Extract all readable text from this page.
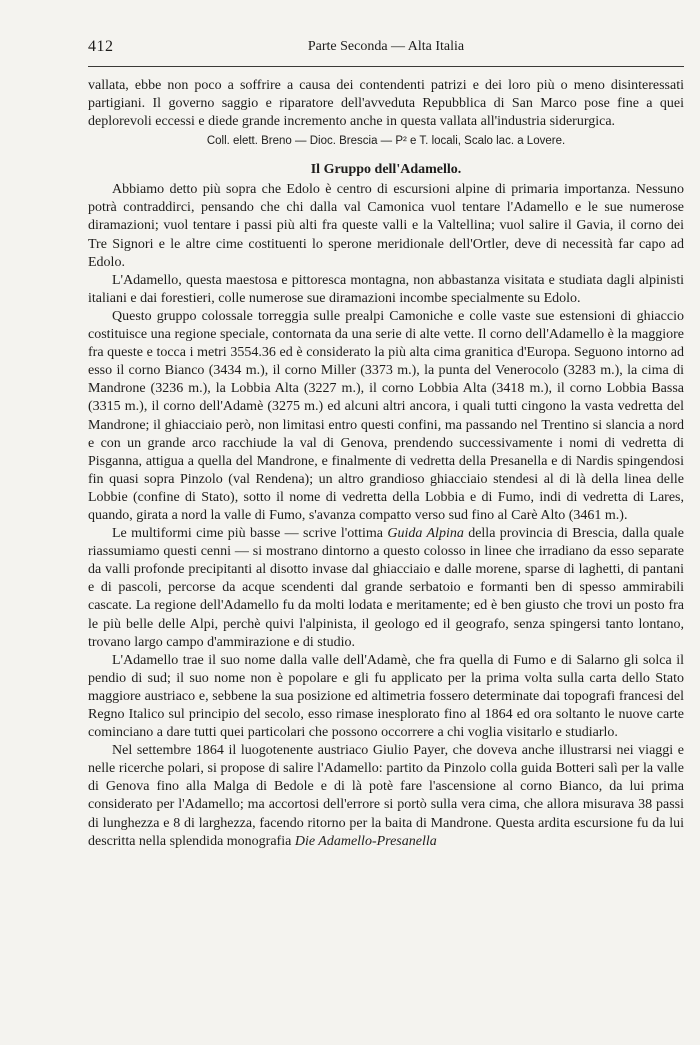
412	Parte Seconda — Alta Italia

vallata, ebbe non poco a soffrire a causa dei contendenti patrizi e dei loro più o meno disinteressati partigiani. Il governo saggio e riparatore dell'avveduta Repubblica di San Marco pose fine a quei deplorevoli eccessi e diede grande incremento anche in questa vallata all'industria siderurgica.

Coll. elett. Breno — Dioc. Brescia — P² e T. locali, Scalo lac. a Lovere.
Il Gruppo dell'Adamello.

Abbiamo detto più sopra che Edolo è centro di escursioni alpine di primaria importanza. Nessuno potrà contraddirci, pensando che chi dalla val Camonica vuol tentare l'Adamello e le sue numerose diramazioni; vuol tentare i passi più alti fra queste valli e la Valtellina; vuol salire il Gavia, il corno dei Tre Signori e le altre cime costituenti lo sperone meridionale dell'Ortler, deve di necessità far capo ad Edolo.

L'Adamello, questa maestosa e pittoresca montagna, non abbastanza visitata e studiata dagli alpinisti italiani e dai forestieri, colle numerose sue diramazioni incombe specialmente su Edolo.

Questo gruppo colossale torreggia sulle prealpi Camoniche e colle vaste sue estensioni di ghiaccio costituisce una regione speciale, contornata da una serie di alte vette. Il corno dell'Adamello è la maggiore fra queste e tocca i metri 3554.36 ed è considerato la più alta cima granitica d'Europa. Seguono intorno ad esso il corno Bianco (3434 m.), il corno Miller (3373 m.), la punta del Venerocolo (3283 m.), la cima di Mandrone (3236 m.), la Lobbia Alta (3227 m.), il corno Lobbia Alta (3418 m.), il corno Lobbia Bassa (3315 m.), il corno dell'Adamè (3275 m.) ed alcuni altri ancora, i quali tutti cingono la vasta vedretta del Mandrone; il ghiacciaio però, non limitasi entro questi confini, ma passando nel Trentino si slancia a nord e con un grande arco racchiude la val di Genova, prendendo successivamente i nomi di vedretta di Pisganna, attigua a quella del Mandrone, e finalmente di vedretta della Presanella e di Nardis spingendosi fin quasi sopra Pinzolo (val Rendena); un altro grandioso ghiacciaio stendesi al di là della linea delle Lobbie (confine di Stato), sotto il nome di vedretta della Lobbia e di Fumo, indi di vedretta di Lares, quando, girata a nord la valle di Fumo, s'avanza compatto verso sud fino al Carè Alto (3461 m.).

Le multiformi cime più basse — scrive l'ottima Guida Alpina della provincia di Brescia, dalla quale riassumiamo questi cenni — si mostrano dintorno a questo colosso in linee che irradiano da esso separate da valli profonde precipitanti al disotto invase dal ghiacciaio e dalle morene, sparse di laghetti, di pantani e di pascoli, percorse da acque scendenti dal grande serbatoio e formanti ben di spesso ammirabili cascate. La regione dell'Adamello fu da molti lodata e meritamente; ed è ben giusto che trovi un posto fra le più belle delle Alpi, perchè quivi l'alpinista, il geologo ed il geografo, senza spingersi tanto lontano, trovano largo campo d'ammirazione e di studio.

L'Adamello trae il suo nome dalla valle dell'Adamè, che fra quella di Fumo e di Salarno gli solca il pendio di sud; il suo nome non è popolare e gli fu applicato per la prima volta sulla carta dello Stato maggiore austriaco e, sebbene la sua posizione ed altimetria fossero determinate dai topografi francesi del Regno Italico sul principio del secolo, esso rimase inesplorato fino al 1864 ed ora soltanto le nuove carte cominciano a dare tutti quei particolari che possono occorrere a chi voglia visitarlo e studiarlo.

Nel settembre 1864 il luogotenente austriaco Giulio Payer, che doveva anche illustrarsi nei viaggi e nelle ricerche polari, si propose di salire l'Adamello: partito da Pinzolo colla guida Botteri salì per la valle di Genova fino alla Malga di Bedole e di là potè fare l'ascensione al corno Bianco, da lui prima considerato per l'Adamello; ma accortosi dell'errore si portò sulla vera cima, che allora misurava 38 passi di lunghezza e 8 di larghezza, facendo ritorno per la baita di Mandrone. Questa ardita escursione fu da lui descritta nella splendida monografia Die Adamello-Presanella
